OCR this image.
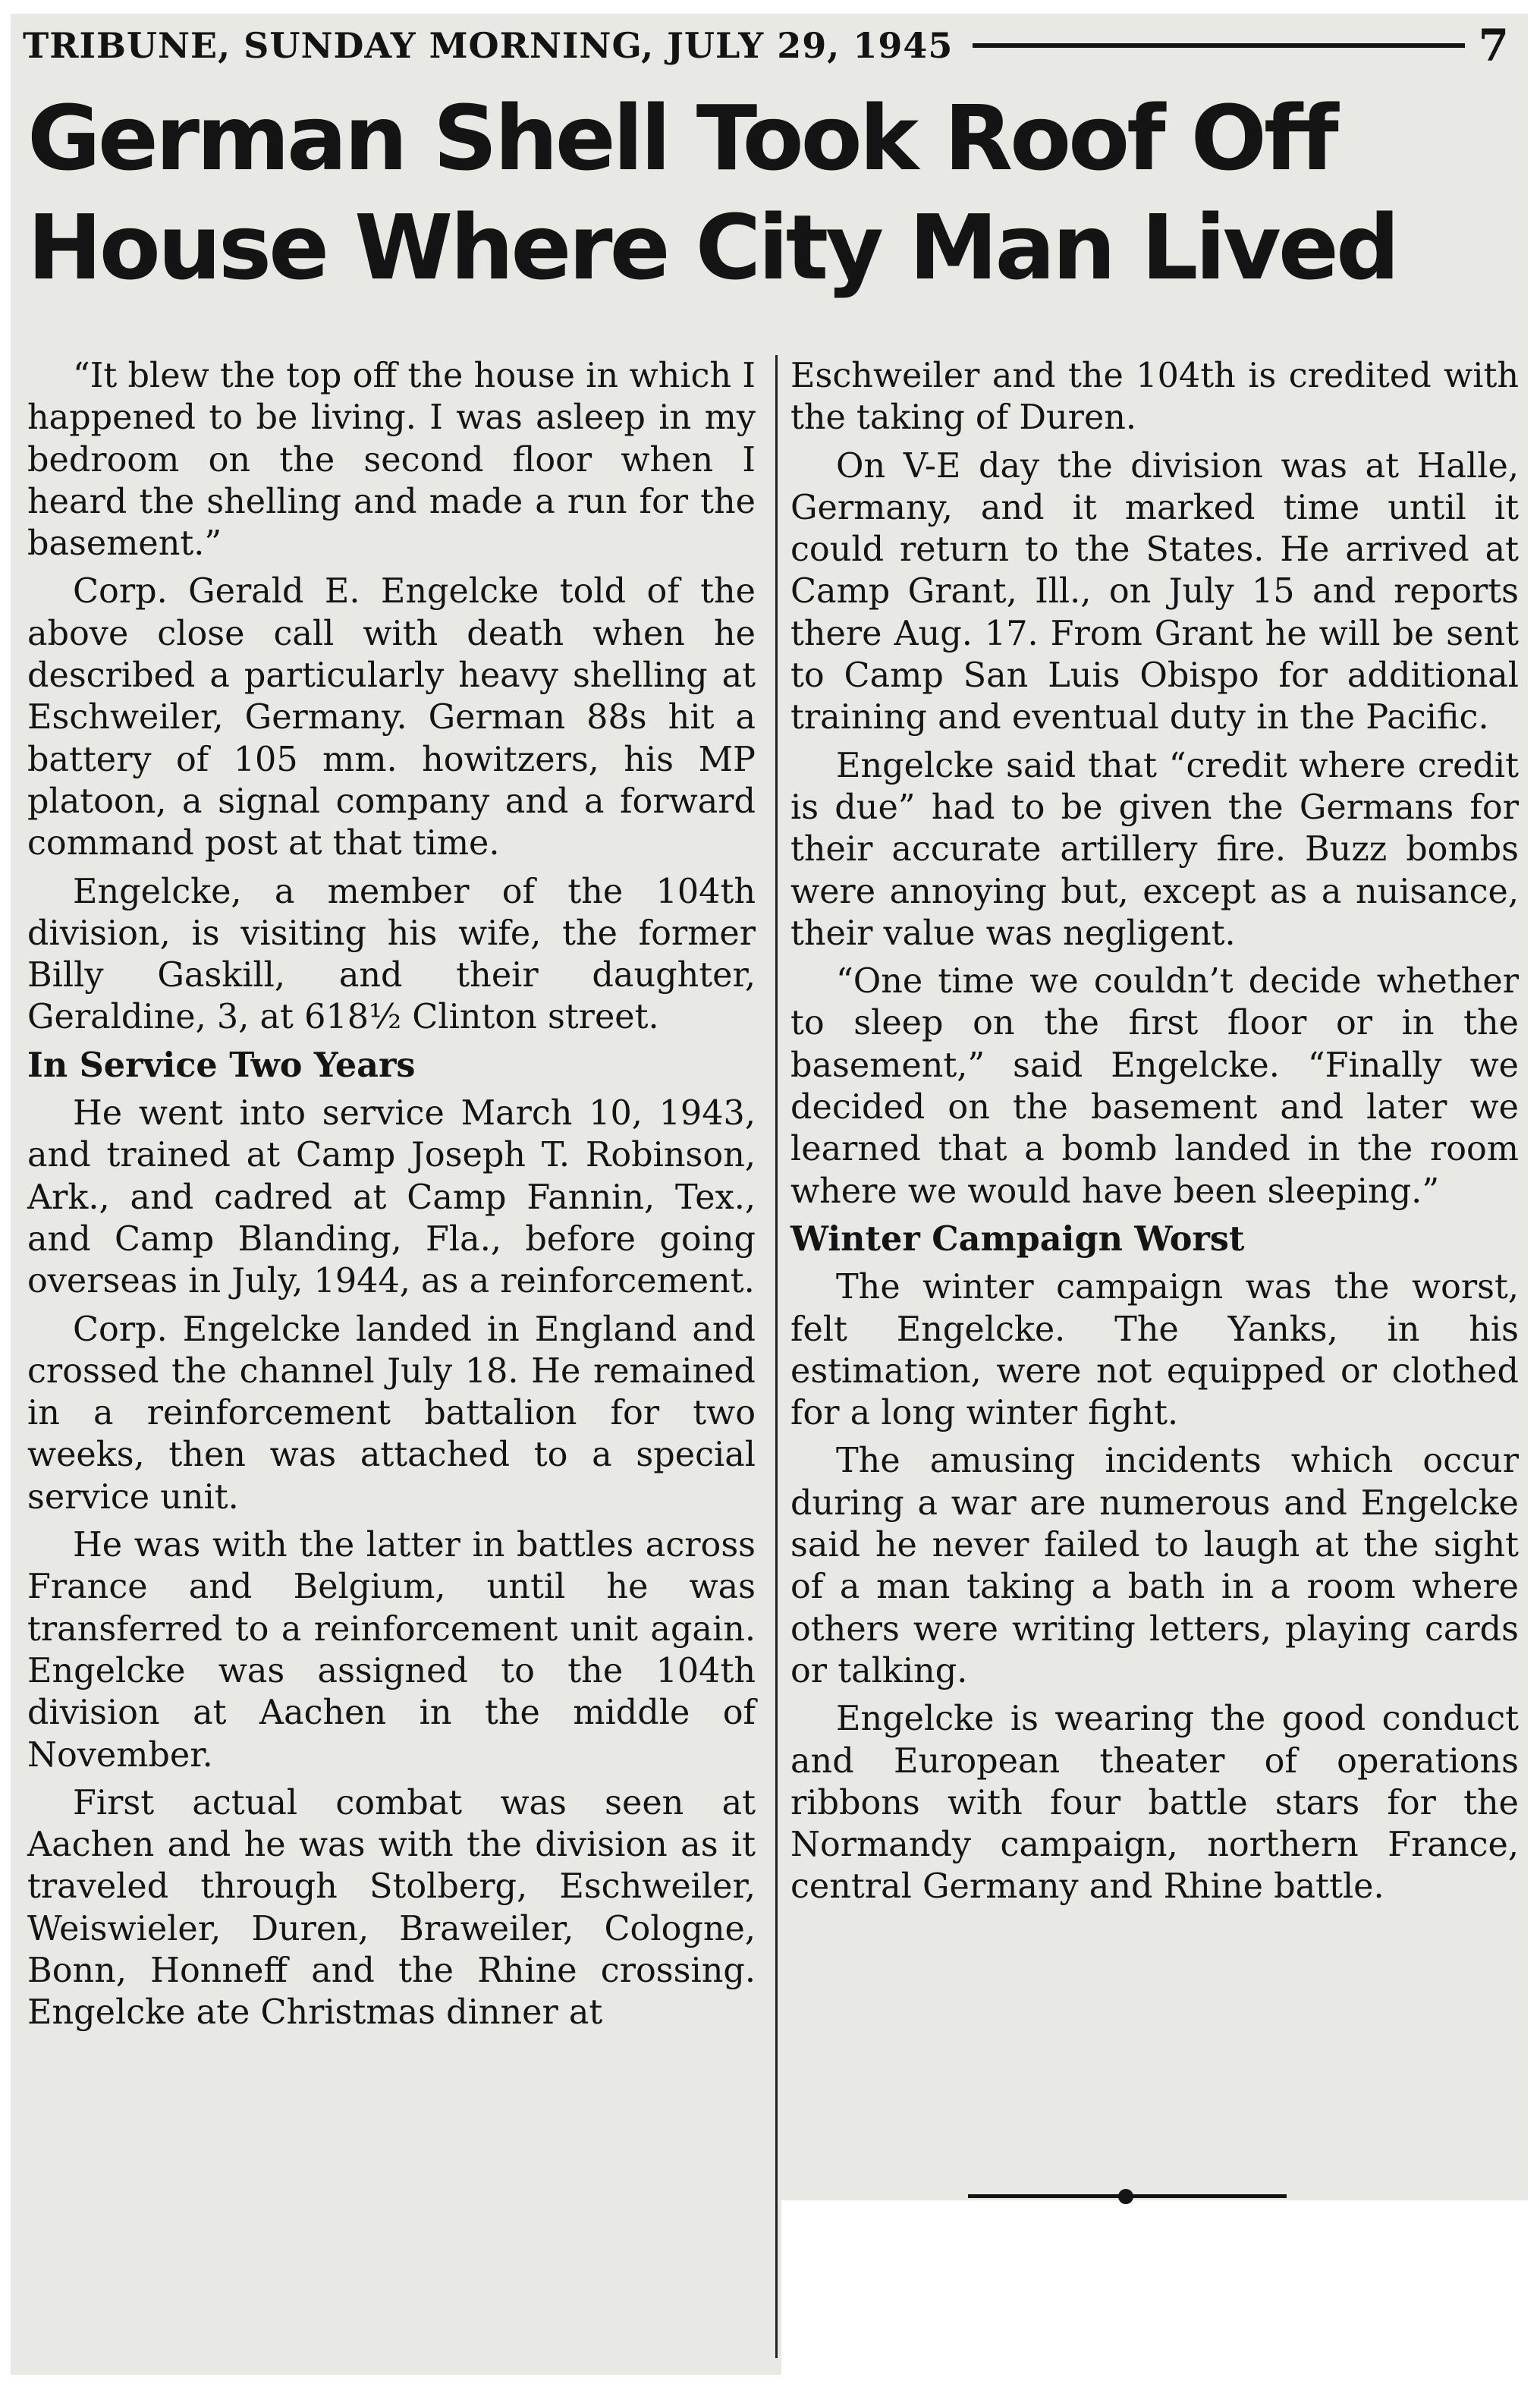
TRIBUNE, SUNDAY MORNING, JULY 29, 1945	7
German Shell Took Roof Off
House Where City Man Lived

“It blew the top off the house in which I happened to be living. I was asleep in my bedroom on the second floor when I heard the shelling and made a run for the basement.”

Corp. Gerald E. Engelcke told of the above close call with death when he described a particularly heavy shelling at Eschweiler, Germany. German 88s hit a battery of 105 mm. howitzers, his MP platoon, a signal company and a forward command post at that time.

Engelcke, a member of the 104th division, is visiting his wife, the former Billy Gaskill, and their daughter, Geraldine, 3, at 618½ Clinton street.

In Service Two Years

He went into service March 10, 1943, and trained at Camp Joseph T. Robinson, Ark., and cadred at Camp Fannin, Tex., and Camp Blanding, Fla., before going overseas in July, 1944, as a reinforcement.

Corp. Engelcke landed in England and crossed the channel July 18. He remained in a reinforcement battalion for two weeks, then was attached to a special service unit.

He was with the latter in battles across France and Belgium, until he was transferred to a reinforcement unit again. Engelcke was assigned to the 104th division at Aachen in the middle of November.

First actual combat was seen at Aachen and he was with the division as it traveled through Stolberg, Eschweiler, Weiswieler, Duren, Braweiler, Cologne, Bonn, Honneff and the Rhine crossing. Engelcke ate Christmas dinner at

Eschweiler and the 104th is credited with the taking of Duren.

On V-E day the division was at Halle, Germany, and it marked time until it could return to the States. He arrived at Camp Grant, Ill., on July 15 and reports there Aug. 17. From Grant he will be sent to Camp San Luis Obispo for additional training and eventual duty in the Pacific.

Engelcke said that “credit where credit is due” had to be given the Germans for their accurate artillery fire. Buzz bombs were annoying but, except as a nuisance, their value was negligent.

“One time we couldn’t decide whether to sleep on the first floor or in the basement,” said Engelcke. “Finally we decided on the basement and later we learned that a bomb landed in the room where we would have been sleeping.”

Winter Campaign Worst

The winter campaign was the worst, felt Engelcke. The Yanks, in his estimation, were not equipped or clothed for a long winter fight.

The amusing incidents which occur during a war are numerous and Engelcke said he never failed to laugh at the sight of a man taking a bath in a room where others were writing letters, playing cards or talking.

Engelcke is wearing the good conduct and European theater of operations ribbons with four battle stars for the Normandy campaign, northern France, central Germany and Rhine battle.
